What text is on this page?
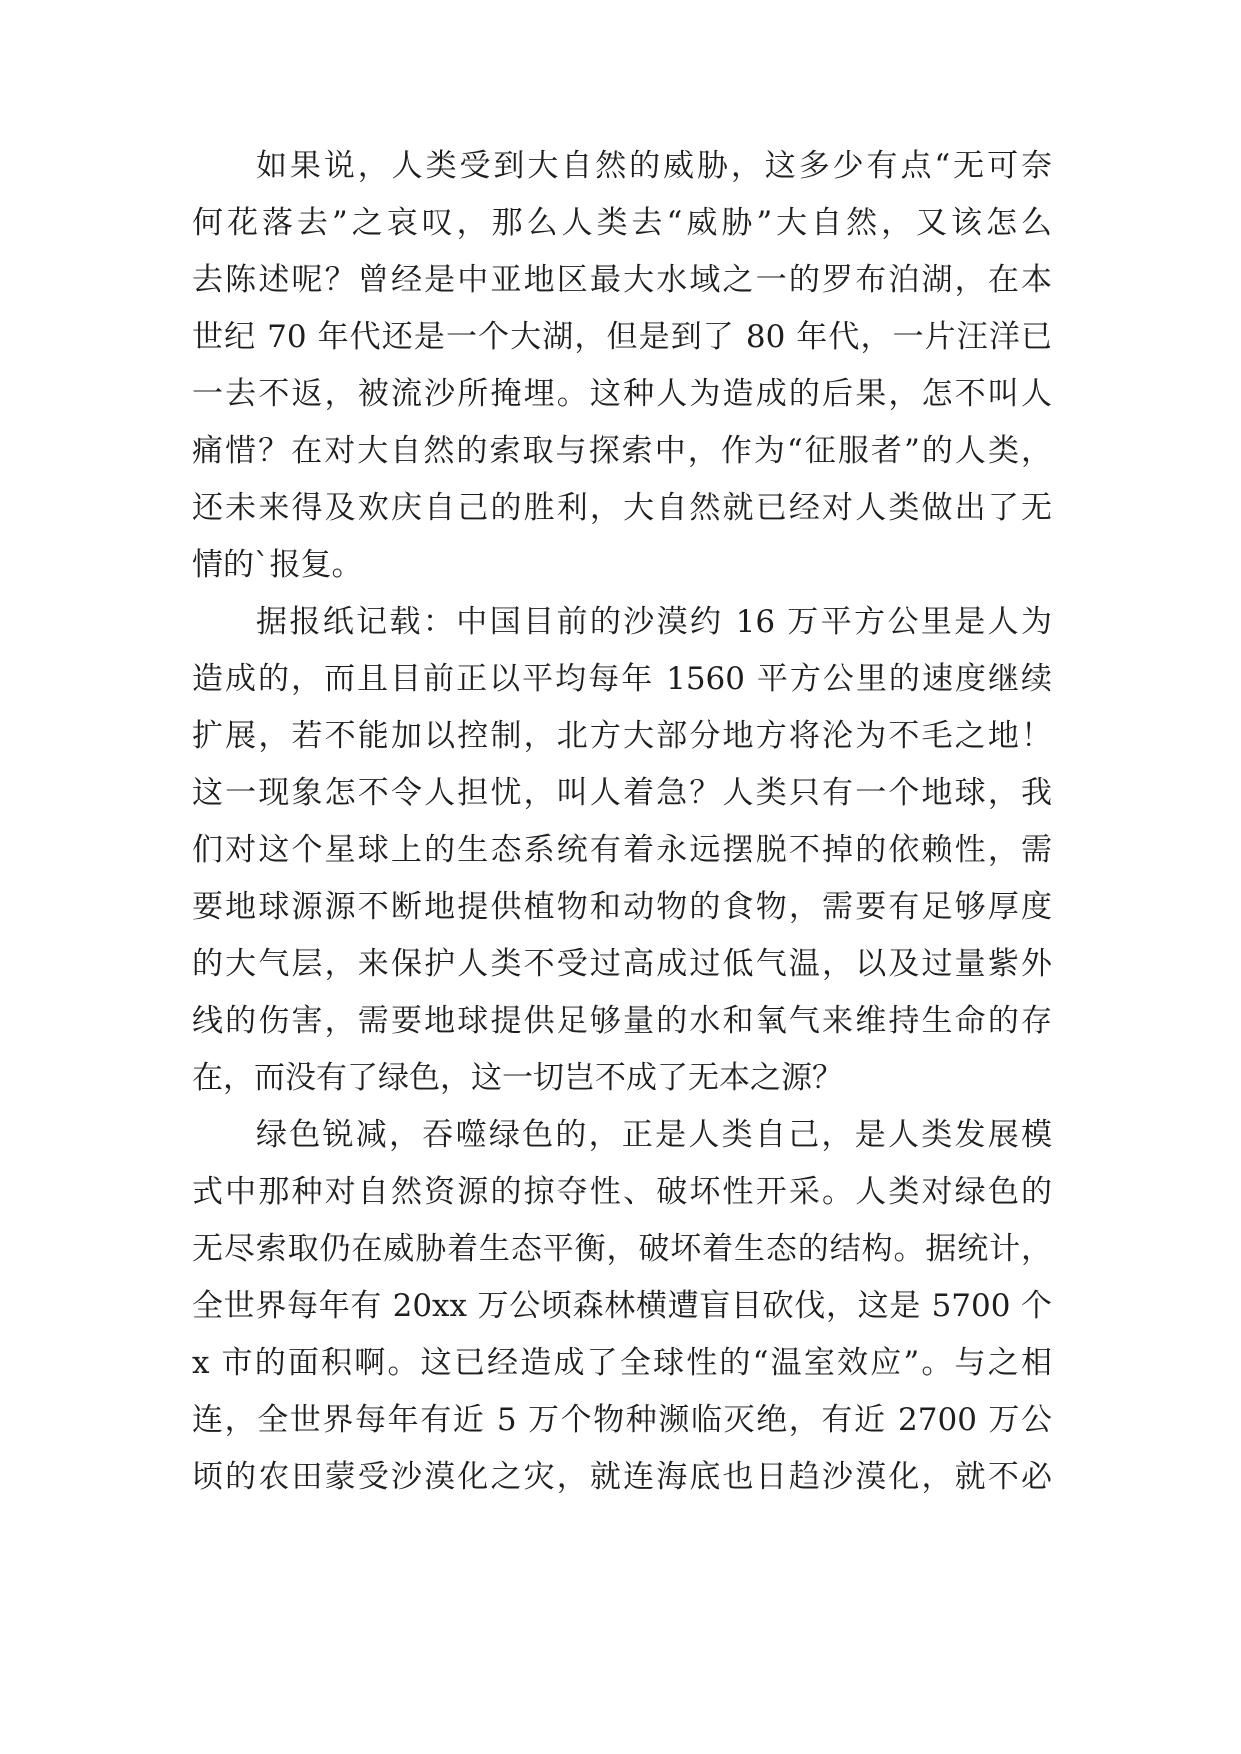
如果说，人类受到大自然的威胁，这多少有点“无可奈
何花落去”之哀叹，那么人类去“威胁”大自然，又该怎么
去陈述呢？曾经是中亚地区最大水域之一的罗布泊湖，在本
世纪 70 年代还是一个大湖，但是到了 80 年代，一片汪洋已
一去不返，被流沙所掩埋。这种人为造成的后果，怎不叫人
痛惜？在对大自然的索取与探索中，作为“征服者”的人类，
还未来得及欢庆自己的胜利，大自然就已经对人类做出了无
情的`报复。
据报纸记载：中国目前的沙漠约 16 万平方公里是人为
造成的，而且目前正以平均每年 1560 平方公里的速度继续
扩展，若不能加以控制，北方大部分地方将沦为不毛之地！
这一现象怎不令人担忧，叫人着急？人类只有一个地球，我
们对这个星球上的生态系统有着永远摆脱不掉的依赖性，需
要地球源源不断地提供植物和动物的食物，需要有足够厚度
的大气层，来保护人类不受过高成过低气温，以及过量紫外
线的伤害，需要地球提供足够量的水和氧气来维持生命的存
在，而没有了绿色，这一切岂不成了无本之源？
绿色锐减，吞噬绿色的，正是人类自己，是人类发展模
式中那种对自然资源的掠夺性、破坏性开采。人类对绿色的
无尽索取仍在威胁着生态平衡，破坏着生态的结构。据统计，
全世界每年有 20xx 万公顷森林横遭盲目砍伐，这是 5700 个
x 市的面积啊。这已经造成了全球性的“温室效应”。与之相
连，全世界每年有近 5 万个物种濒临灭绝，有近 2700 万公
顷的农田蒙受沙漠化之灾，就连海底也日趋沙漠化，就不必
